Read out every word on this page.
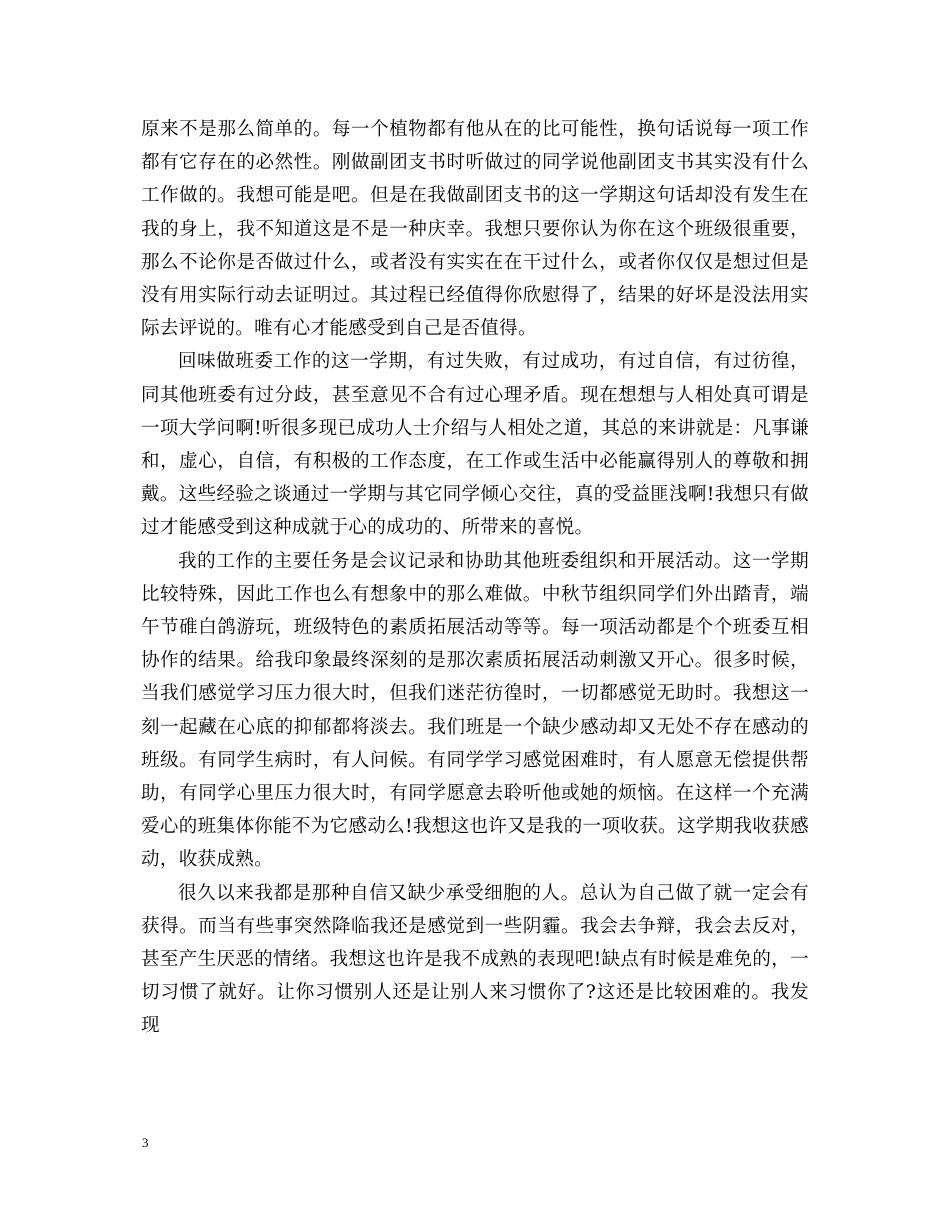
原来不是那么简单的。每一个植物都有他从在的比可能性，换句话说每一项工作都有它存在的必然性。刚做副团支书时听做过的同学说他副团支书其实没有什么工作做的。我想可能是吧。但是在我做副团支书的这一学期这句话却没有发生在我的身上，我不知道这是不是一种庆幸。我想只要你认为你在这个班级很重要，那么不论你是否做过什么，或者没有实实在在干过什么，或者你仅仅是想过但是没有用实际行动去证明过。其过程已经值得你欣慰得了，结果的好坏是没法用实际去评说的。唯有心才能感受到自己是否值得。

回味做班委工作的这一学期，有过失败，有过成功，有过自信，有过彷徨，同其他班委有过分歧，甚至意见不合有过心理矛盾。现在想想与人相处真可谓是一项大学问啊!听很多现已成功人士介绍与人相处之道，其总的来讲就是：凡事谦和，虚心，自信，有积极的工作态度，在工作或生活中必能赢得别人的尊敬和拥戴。这些经验之谈通过一学期与其它同学倾心交往，真的受益匪浅啊!我想只有做过才能感受到这种成就于心的成功的、所带来的喜悦。

我的工作的主要任务是会议记录和协助其他班委组织和开展活动。这一学期比较特殊，因此工作也么有想象中的那么难做。中秋节组织同学们外出踏青，端午节碓白鸽游玩，班级特色的素质拓展活动等等。每一项活动都是个个班委互相协作的结果。给我印象最终深刻的是那次素质拓展活动刺激又开心。很多时候，当我们感觉学习压力很大时，但我们迷茫彷徨时，一切都感觉无助时。我想这一刻一起藏在心底的抑郁都将淡去。我们班是一个缺少感动却又无处不存在感动的班级。有同学生病时，有人问候。有同学学习感觉困难时，有人愿意无偿提供帮助，有同学心里压力很大时，有同学愿意去聆听他或她的烦恼。在这样一个充满爱心的班集体你能不为它感动么!我想这也许又是我的一项收获。这学期我收获感动，收获成熟。

很久以来我都是那种自信又缺少承受细胞的人。总认为自己做了就一定会有获得。而当有些事突然降临我还是感觉到一些阴霾。我会去争辩，我会去反对，甚至产生厌恶的情绪。我想这也许是我不成熟的表现吧!缺点有时候是难免的，一切习惯了就好。让你习惯别人还是让别人来习惯你了?这还是比较困难的。我发现

3
